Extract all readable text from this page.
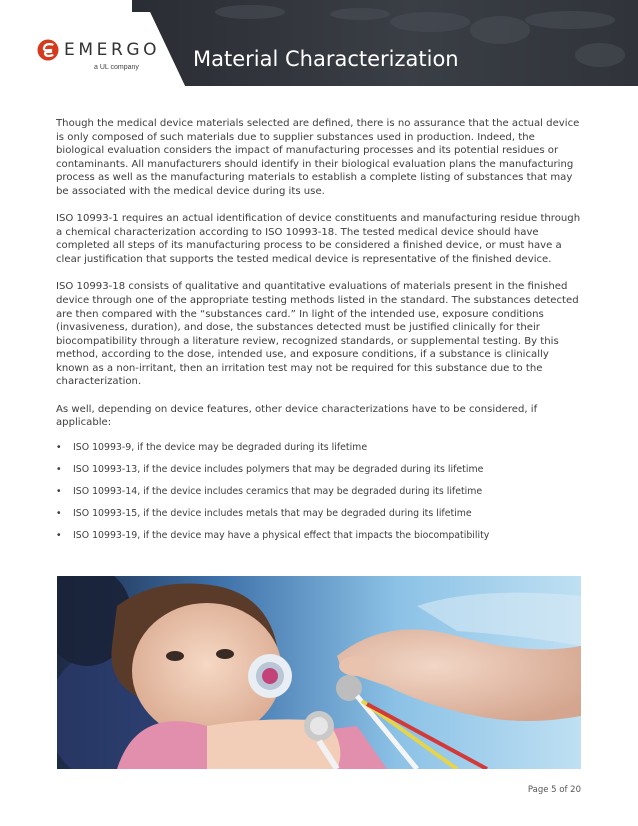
EMERGO
a UL company	Material Characterization

Though the medical device materials selected are defined, there is no assurance that the actual device is only composed of such materials due to supplier substances used in production. Indeed, the biological evaluation considers the impact of manufacturing processes and its potential residues or contaminants. All manufacturers should identify in their biological evaluation plans the manufacturing process as well as the manufacturing materials to establish a complete listing of substances that may be associated with the medical device during its use.

ISO 10993-1 requires an actual identification of device constituents and manufacturing residue through a chemical characterization according to ISO 10993-18. The tested medical device should have completed all steps of its manufacturing process to be considered a finished device, or must have a clear justification that supports the tested medical device is representative of the finished device.

ISO 10993-18 consists of qualitative and quantitative evaluations of materials present in the finished device through one of the appropriate testing methods listed in the standard. The substances detected are then compared with the “substances card.” In light of the intended use, exposure conditions (invasiveness, duration), and dose, the substances detected must be justified clinically for their biocompatibility through a literature review, recognized standards, or supplemental testing. By this method, according to the dose, intended use, and exposure conditions, if a substance is clinically known as a non-irritant, then an irritation test may not be required for this substance due to the characterization.

As well, depending on device features, other device characterizations have to be considered, if applicable:

• ISO 10993-9, if the device may be degraded during its lifetime
• ISO 10993-13, if the device includes polymers that may be degraded during its lifetime
• ISO 10993-14, if the device includes ceramics that may be degraded during its lifetime
• ISO 10993-15, if the device includes metals that may be degraded during its lifetime
• ISO 10993-19, if the device may have a physical effect that impacts the biocompatibility
Page 5 of 20
